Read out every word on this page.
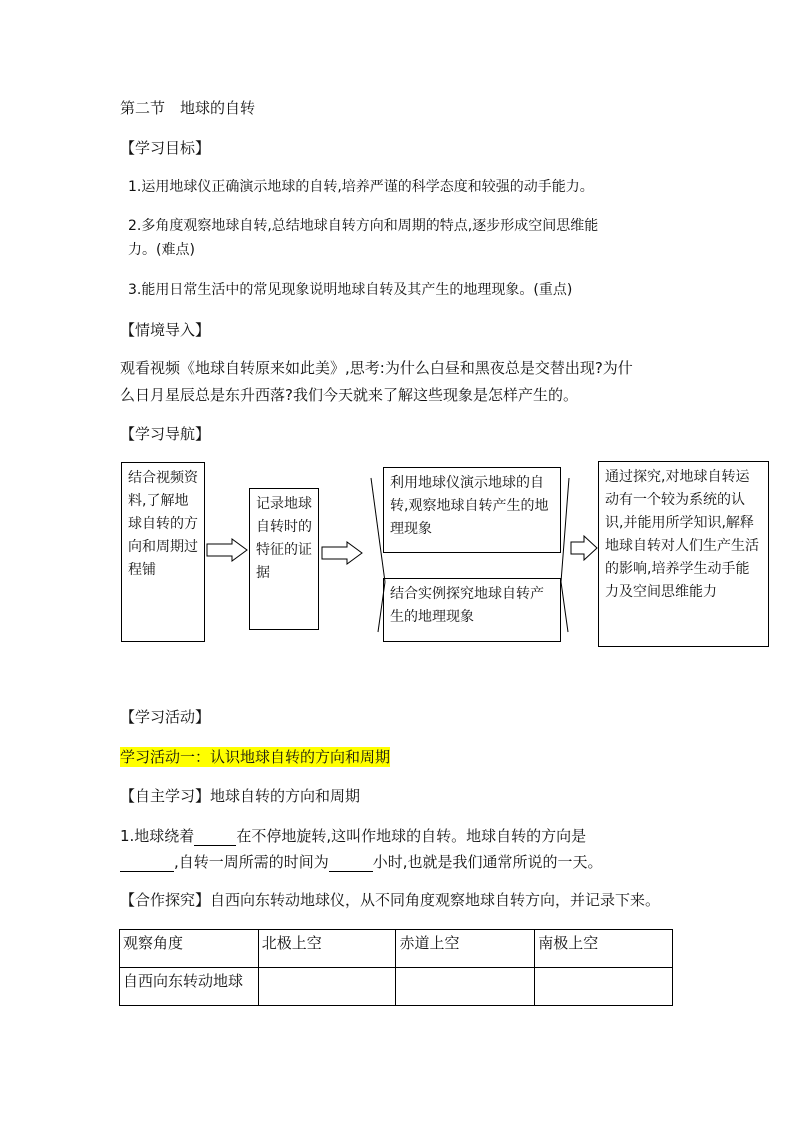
第二节　地球的自转
【学习目标】
1.运用地球仪正确演示地球的自转,培养严谨的科学态度和较强的动手能力。
2.多角度观察地球自转,总结地球自转方向和周期的特点,逐步形成空间思维能
力。(难点)
3.能用日常生活中的常见现象说明地球自转及其产生的地理现象。(重点)
【情境导入】
观看视频《地球自转原来如此美》,思考:为什么白昼和黑夜总是交替出现?为什
么日月星辰总是东升西落?我们今天就来了解这些现象是怎样产生的。
【学习导航】
结合视频资料,了解地球自转的方向和周期过程铺
记录地球自转时的特征的证据
利用地球仪演示地球的自转,观察地球自转产生的地理现象
结合实例探究地球自转产生的地理现象
通过探究,对地球自转运动有一个较为系统的认识,并能用所学知识,解释地球自转对人们生产生活的影响,培养学生动手能力及空间思维能力
【学习活动】
学习活动一：认识地球自转的方向和周期
【自主学习】地球自转的方向和周期
1.地球绕着	在不停地旋转,这叫作地球的自转。地球自转的方向是
,自转一周所需的时间为	小时,也就是我们通常所说的一天。
【合作探究】自西向东转动地球仪，从不同角度观察地球自转方向，并记录下来。
观察角度	北极上空	赤道上空	南极上空
自西向东转动地球			
